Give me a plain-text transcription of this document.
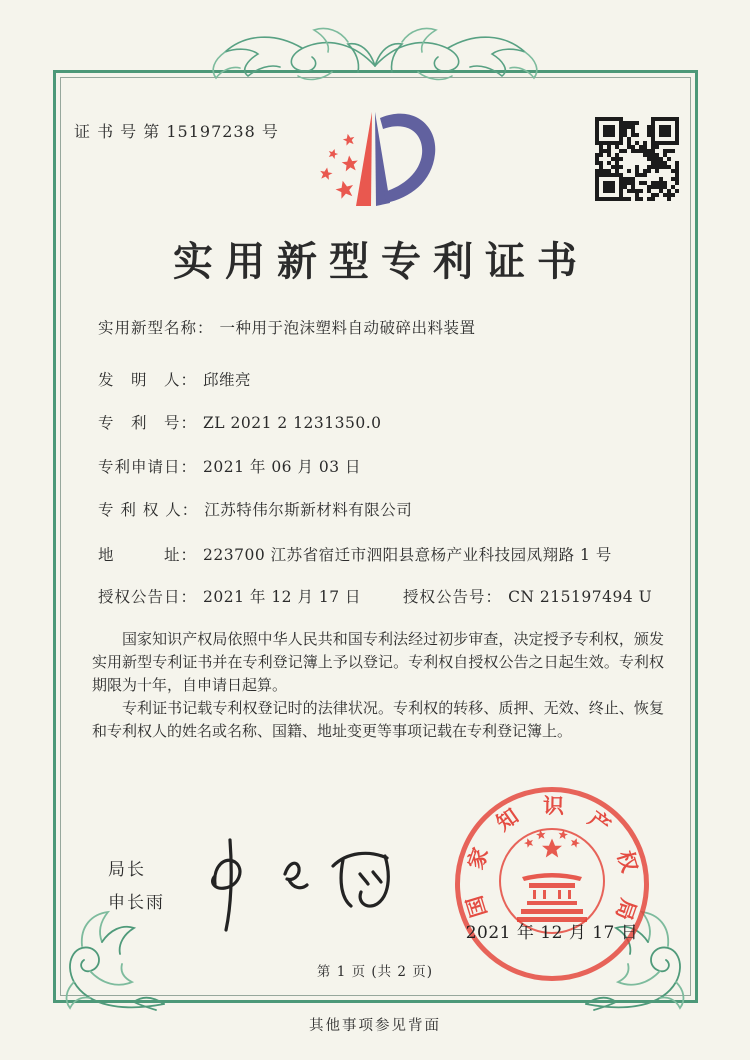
证 书 号 第 15197238 号
实用新型专利证书
实用新型名称： 一种用于泡沫塑料自动破碎出料装置
发　明　人： 邱维亮
专　利　号： ZL 2021 2 1231350.0
专利申请日： 2021 年 06 月 03 日
专 利 权 人： 江苏特伟尔斯新材料有限公司
地　　　址： 223700 江苏省宿迁市泗阳县意杨产业科技园凤翔路 1 号
授权公告日： 2021 年 12 月 17 日	授权公告号： CN 215197494 U

国家知识产权局依照中华人民共和国专利法经过初步审查，决定授予专利权，颁发实用新型专利证书并在专利登记簿上予以登记。专利权自授权公告之日起生效。专利权期限为十年，自申请日起算。

专利证书记载专利权登记时的法律状况。专利权的转移、质押、无效、终止、恢复和专利权人的姓名或名称、国籍、地址变更等事项记载在专利登记簿上。

局长
申长雨	国
家
知 识
产
权
局
2021 年 12 月 17 日
第 1 页 (共 2 页)
其他事项参见背面
